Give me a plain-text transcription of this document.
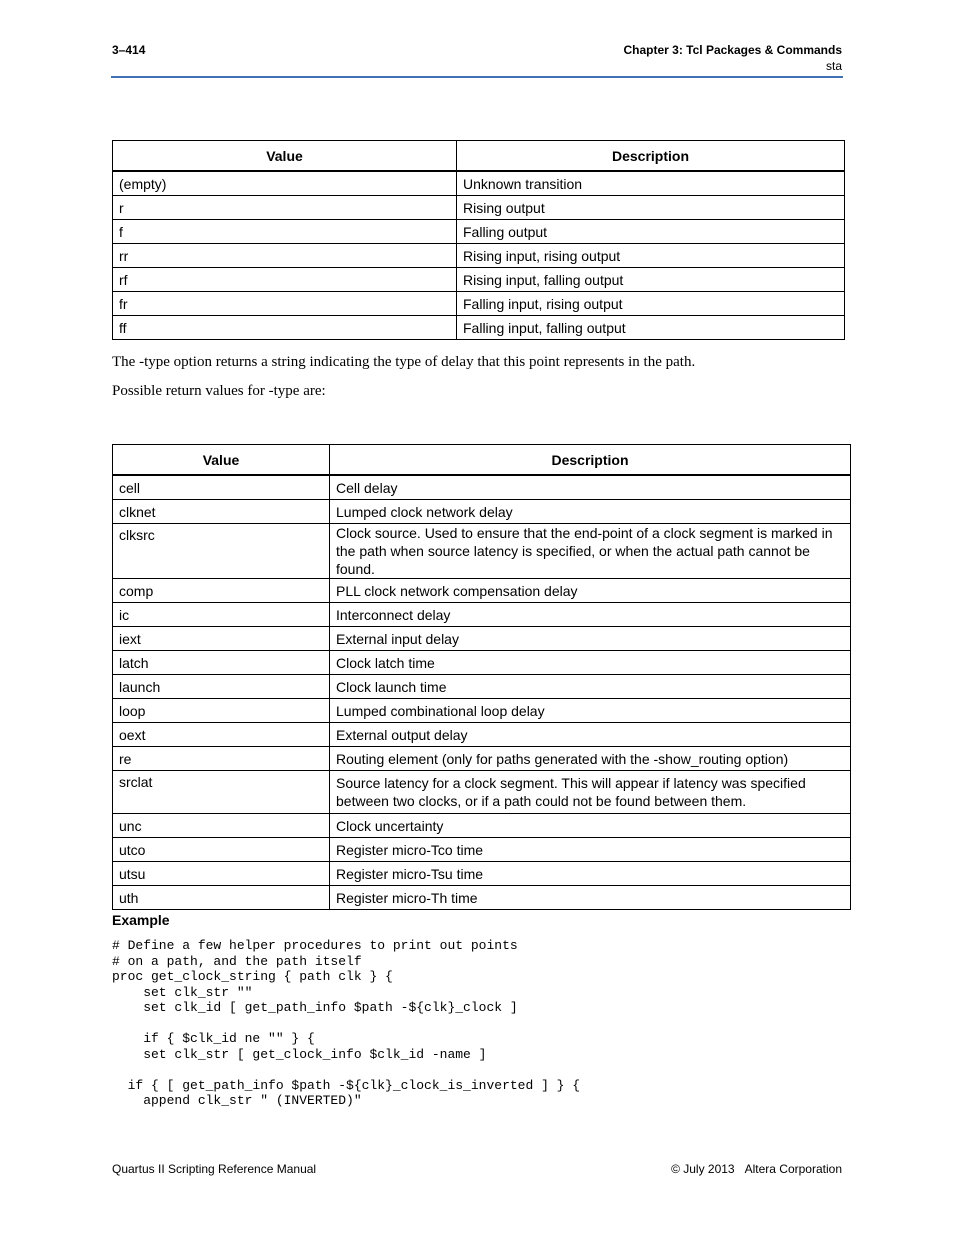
3–414	Chapter 3: Tcl Packages & Commands
sta
Value	Description
(empty)	Unknown transition
r	Rising output
f	Falling output
rr	Rising input, rising output
rf	Rising input, falling output
fr	Falling input, rising output
ff	Falling input, falling output
The -type option returns a string indicating the type of delay that this point represents in the path.
Possible return values for -type are:
Value	Description
cell	Cell delay
clknet	Lumped clock network delay
clksrc	Clock source. Used to ensure that the end-point of a clock segment is marked in the path when source latency is specified, or when the actual path cannot be found.
comp	PLL clock network compensation delay
ic	Interconnect delay
iext	External input delay
latch	Clock latch time
launch	Clock launch time
loop	Lumped combinational loop delay
oext	External output delay
re	Routing element (only for paths generated with the -show_routing option)
srclat	Source latency for a clock segment. This will appear if latency was specified between two clocks, or if a path could not be found between them.
unc	Clock uncertainty
utco	Register micro-Tco time
utsu	Register micro-Tsu time
uth	Register micro-Th time
Example
# Define a few helper procedures to print out points
# on a path, and the path itself
proc get_clock_string { path clk } {
set clk_str ""
set clk_id [ get_path_info $path -${clk}_clock ]

if { $clk_id ne "" } {
set clk_str [ get_clock_info $clk_id -name ]

if { [ get_path_info $path -${clk}_clock_is_inverted ] } {
append clk_str " (INVERTED)"
Quartus II Scripting Reference Manual	© July 2013 Altera Corporation
